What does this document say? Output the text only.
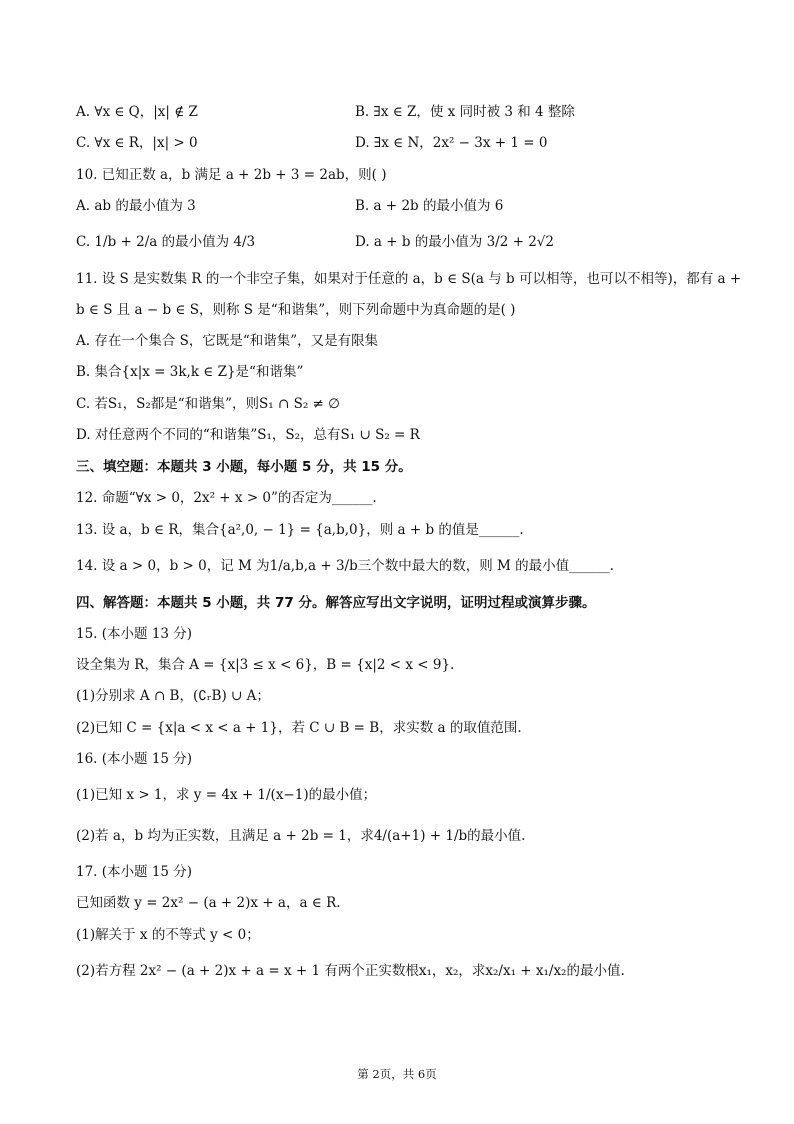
A. ∀x ∈ Q，|x| ∉ Z	B. ∃x ∈ Z，使 x 同时被 3 和 4 整除
C. ∀x ∈ R，|x| > 0	D. ∃x ∈ N，2x² − 3x + 1 = 0
10. 已知正数 a，b 满足 a + 2b + 3 = 2ab，则( )
A. ab 的最小值为 3	B. a + 2b 的最小值为 6
C. 1/b + 2/a 的最小值为 4/3	D. a + b 的最小值为 3/2 + 2√2
11. 设 S 是实数集 R 的一个非空子集，如果对于任意的 a，b ∈ S(a 与 b 可以相等，也可以不相等)，都有 a +
b ∈ S 且 a − b ∈ S，则称 S 是“和谐集”，则下列命题中为真命题的是( )
A. 存在一个集合 S，它既是“和谐集”，又是有限集
B. 集合{x|x = 3k,k ∈ Z}是“和谐集”
C. 若S₁，S₂都是“和谐集”，则S₁ ∩ S₂ ≠ ∅
D. 对任意两个不同的“和谐集”S₁，S₂，总有S₁ ∪ S₂ = R
三、填空题：本题共 3 小题，每小题 5 分，共 15 分。
12. 命题“∀x > 0，2x² + x > 0”的否定为______.
13. 设 a，b ∈ R，集合{a²,0, − 1} = {a,b,0}，则 a + b 的值是______.
14. 设 a > 0，b > 0，记 M 为1/a,b,a + 3/b三个数中最大的数，则 M 的最小值______.
四、解答题：本题共 5 小题，共 77 分。解答应写出文字说明，证明过程或演算步骤。
15. (本小题 13 分)
设全集为 R，集合 A = {x|3 ≤ x < 6}，B = {x|2 < x < 9}.
(1)分别求 A ∩ B，(∁ᵣB) ∪ A；
(2)已知 C = {x|a < x < a + 1}，若 C ∪ B = B，求实数 a 的取值范围.
16. (本小题 15 分)
(1)已知 x > 1，求 y = 4x + 1/(x−1)的最小值；
(2)若 a，b 均为正实数，且满足 a + 2b = 1，求4/(a+1) + 1/b的最小值.
17. (本小题 15 分)
已知函数 y = 2x² − (a + 2)x + a，a ∈ R.
(1)解关于 x 的不等式 y < 0；
(2)若方程 2x² − (a + 2)x + a = x + 1 有两个正实数根x₁，x₂，求x₂/x₁ + x₁/x₂的最小值.
第 2页，共 6页
